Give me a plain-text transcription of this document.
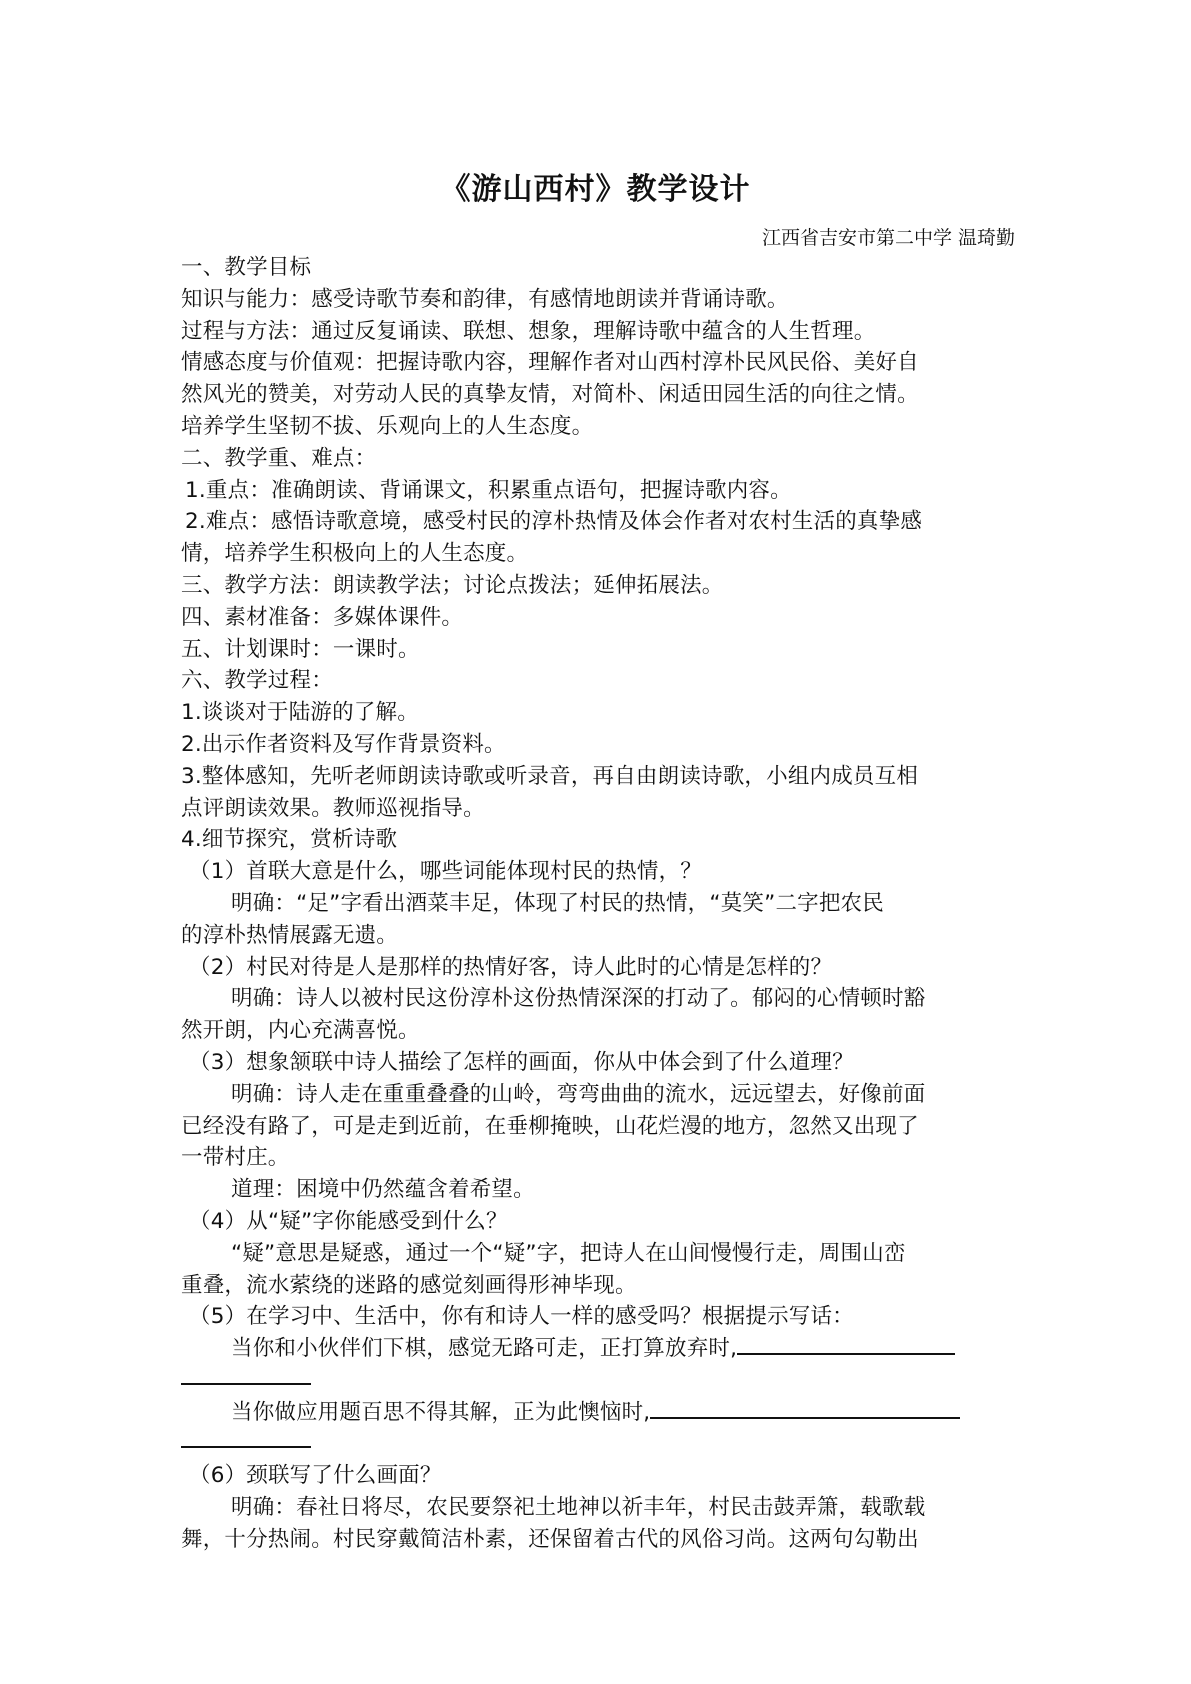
《游山西村》教学设计
江西省吉安市第二中学 温琦勤
一、教学目标
知识与能力：感受诗歌节奏和韵律，有感情地朗读并背诵诗歌。
过程与方法：通过反复诵读、联想、想象，理解诗歌中蕴含的人生哲理。
情感态度与价值观：把握诗歌内容，理解作者对山西村淳朴民风民俗、美好自
然风光的赞美，对劳动人民的真挚友情，对简朴、闲适田园生活的向往之情。
培养学生坚韧不拔、乐观向上的人生态度。
二、教学重、难点：
1.重点：准确朗读、背诵课文，积累重点语句，把握诗歌内容。
2.难点：感悟诗歌意境，感受村民的淳朴热情及体会作者对农村生活的真挚感
情，培养学生积极向上的人生态度。
三、教学方法：朗读教学法；讨论点拨法；延伸拓展法。
四、素材准备：多媒体课件。
五、计划课时：一课时。
六、教学过程：
1.谈谈对于陆游的了解。
2.出示作者资料及写作背景资料。
3.整体感知，先听老师朗读诗歌或听录音，再自由朗读诗歌，小组内成员互相
点评朗读效果。教师巡视指导。
4.细节探究，赏析诗歌
（1）首联大意是什么，哪些词能体现村民的热情，？
明确：“足”字看出酒菜丰足，体现了村民的热情，“莫笑”二字把农民
的淳朴热情展露无遗。
（2）村民对待是人是那样的热情好客，诗人此时的心情是怎样的？
明确：诗人以被村民这份淳朴这份热情深深的打动了。郁闷的心情顿时豁
然开朗，内心充满喜悦。
（3）想象颔联中诗人描绘了怎样的画面，你从中体会到了什么道理？
明确：诗人走在重重叠叠的山岭，弯弯曲曲的流水，远远望去，好像前面
已经没有路了，可是走到近前，在垂柳掩映，山花烂漫的地方，忽然又出现了
一带村庄。
道理：困境中仍然蕴含着希望。
（4）从“疑”字你能感受到什么？
“疑”意思是疑惑，通过一个“疑”字，把诗人在山间慢慢行走，周围山峦
重叠，流水萦绕的迷路的感觉刻画得形神毕现。
（5）在学习中、生活中，你有和诗人一样的感受吗？根据提示写话：
当你和小伙伴们下棋，感觉无路可走，正打算放弃时,
当你做应用题百思不得其解，正为此懊恼时,
（6）颈联写了什么画面？
明确：春社日将尽，农民要祭祀土地神以祈丰年，村民击鼓弄箫，载歌载
舞，十分热闹。村民穿戴简洁朴素，还保留着古代的风俗习尚。这两句勾勒出
